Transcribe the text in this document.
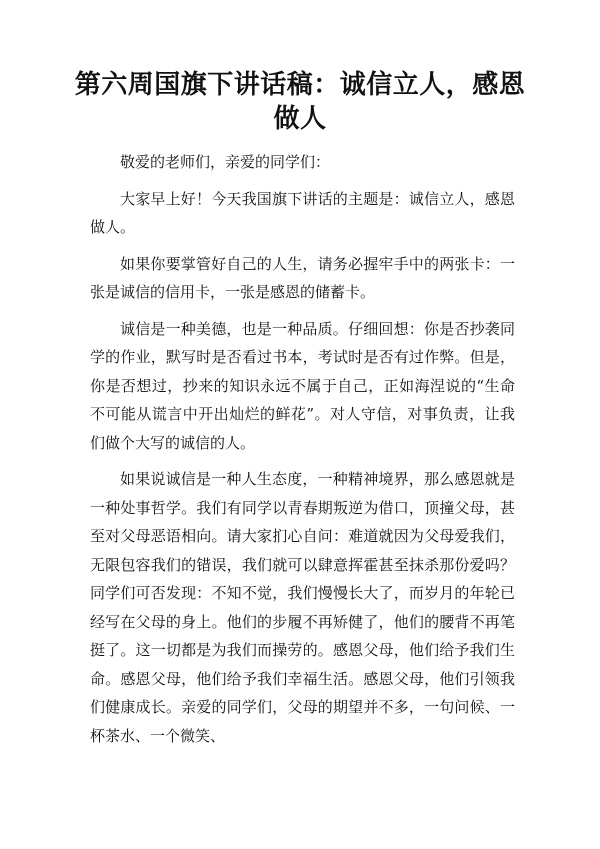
第六周国旗下讲话稿：诚信立人，感恩做人

敬爱的老师们，亲爱的同学们：

大家早上好！今天我国旗下讲话的主题是：诚信立人，感恩做人。

如果你要掌管好自己的人生，请务必握牢手中的两张卡：一张是诚信的信用卡，一张是感恩的储蓄卡。

诚信是一种美德，也是一种品质。仔细回想：你是否抄袭同学的作业，默写时是否看过书本，考试时是否有过作弊。但是，你是否想过，抄来的知识永远不属于自己，正如海涅说的“生命不可能从谎言中开出灿烂的鲜花”。对人守信，对事负责，让我们做个大写的诚信的人。

如果说诚信是一种人生态度，一种精神境界，那么感恩就是一种处事哲学。我们有同学以青春期叛逆为借口，顶撞父母，甚至对父母恶语相向。请大家扪心自问：难道就因为父母爱我们，无限包容我们的错误，我们就可以肆意挥霍甚至抹杀那份爱吗？同学们可否发现：不知不觉，我们慢慢长大了，而岁月的年轮已经写在父母的身上。他们的步履不再矫健了，他们的腰背不再笔挺了。这一切都是为我们而操劳的。感恩父母，他们给予我们生命。感恩父母，他们给予我们幸福生活。感恩父母，他们引领我们健康成长。亲爱的同学们，父母的期望并不多，一句问候、一杯茶水、一个微笑、
